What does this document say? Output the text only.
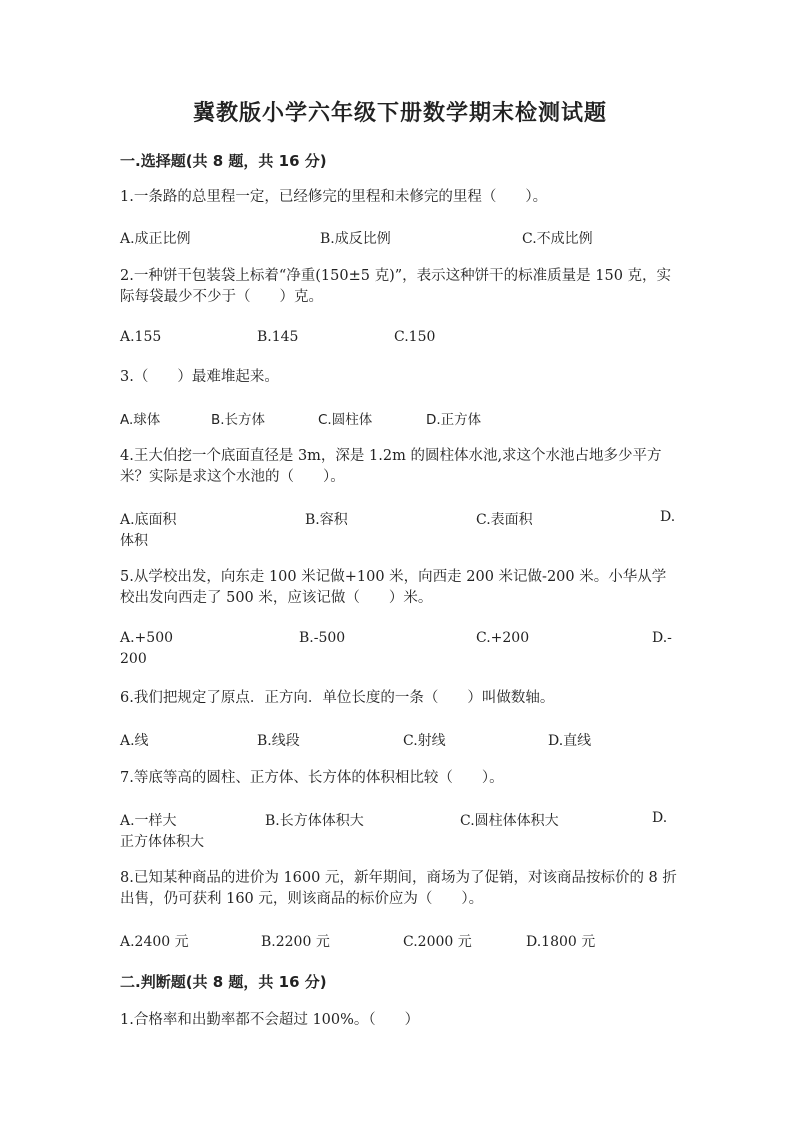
冀教版小学六年级下册数学期末检测试题
一.选择题(共 8 题，共 16 分)
1.一条路的总里程一定，已经修完的里程和未修完的里程（　　）。
A.成正比例	B.成反比例	C.不成比例
2.一种饼干包装袋上标着“净重(150±5 克)”，表示这种饼干的标准质量是 150 克，实际每袋最少不少于（　　）克。
A.155	B.145	C.150
3.（　　）最难堆起来。
A.球体	B.长方体	C.圆柱体	D.正方体
4.王大伯挖一个底面直径是 3m，深是 1.2m 的圆柱体水池,求这个水池占地多少平方米？实际是求这个水池的（　　）。
A.底面积	B.容积	C.表面积	D.
体积
5.从学校出发，向东走 100 米记做+100 米，向西走 200 米记做-200 米。小华从学校出发向西走了 500 米，应该记做（　　）米。
A.+500	B.-500	C.+200	D.-
200
6.我们把规定了原点．正方向．单位长度的一条（　　）叫做数轴。
A.线	B.线段	C.射线	D.直线
7.等底等高的圆柱、正方体、长方体的体积相比较（　　）。
A.一样大	B.长方体体积大	C.圆柱体体积大	D.
正方体体积大
8.已知某种商品的进价为 1600 元，新年期间，商场为了促销，对该商品按标价的 8 折出售，仍可获利 160 元，则该商品的标价应为（　　）。
A.2400 元	B.2200 元	C.2000 元	D.1800 元
二.判断题(共 8 题，共 16 分)
1.合格率和出勤率都不会超过 100%。（　　）
